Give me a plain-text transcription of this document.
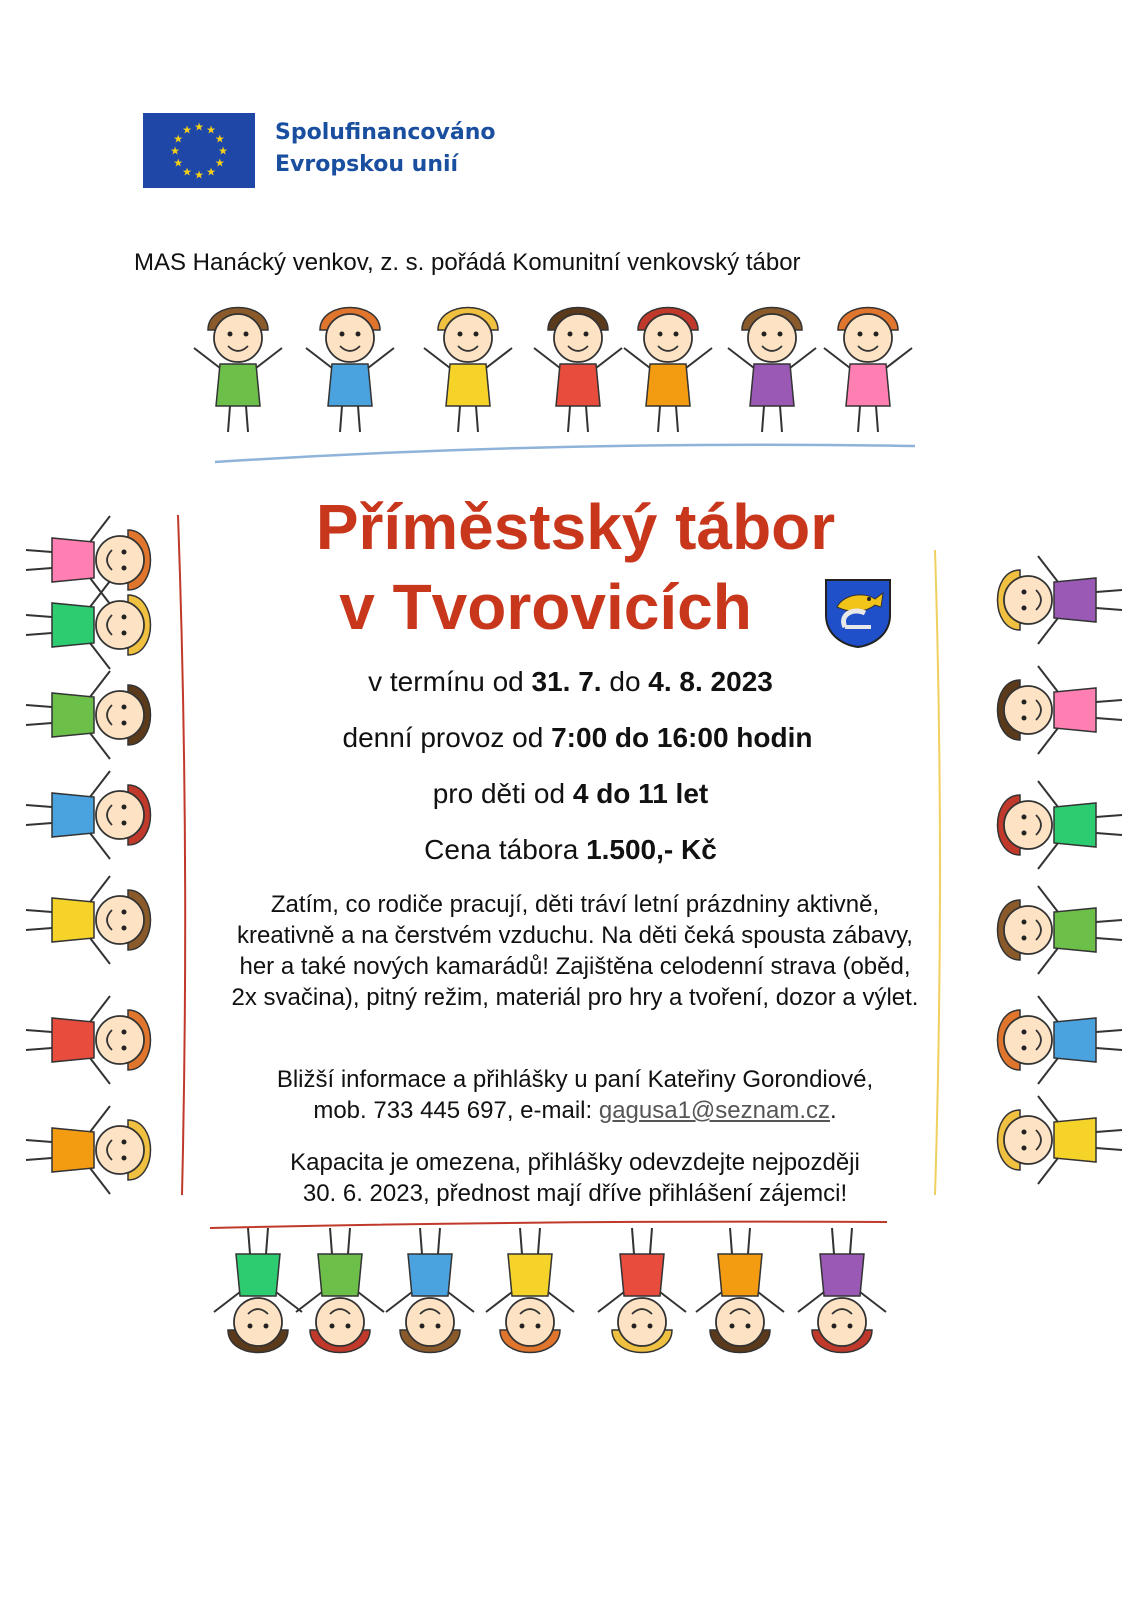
★
★
★
★
★
★
★
★
★ ★ ★
★ Spolufinancováno
Evropskou unií
MAS Hanácký venkov, z. s. pořádá Komunitní venkovský tábor
Příměstský tábor
v Tvorovicích
v termínu od 31. 7. do 4. 8. 2023
denní provoz od 7:00 do 16:00 hodin
pro děti od 4 do 11 let
Cena tábora 1.500,- Kč
Zatím, co rodiče pracují, děti tráví letní prázdniny aktivně, kreativně a na čerstvém vzduchu. Na děti čeká spousta zábavy, her a také nových kamarádů! Zajištěna celodenní strava (oběd, 2x svačina), pitný režim, materiál pro hry a tvoření, dozor a výlet.
Bližší informace a přihlášky u paní Kateřiny Gorondiové,
mob. 733 445 697, e-mail: gagusa1@seznam.cz.
Kapacita je omezena, přihlášky odevzdejte nejpozději
30. 6. 2023, přednost mají dříve přihlášení zájemci!
